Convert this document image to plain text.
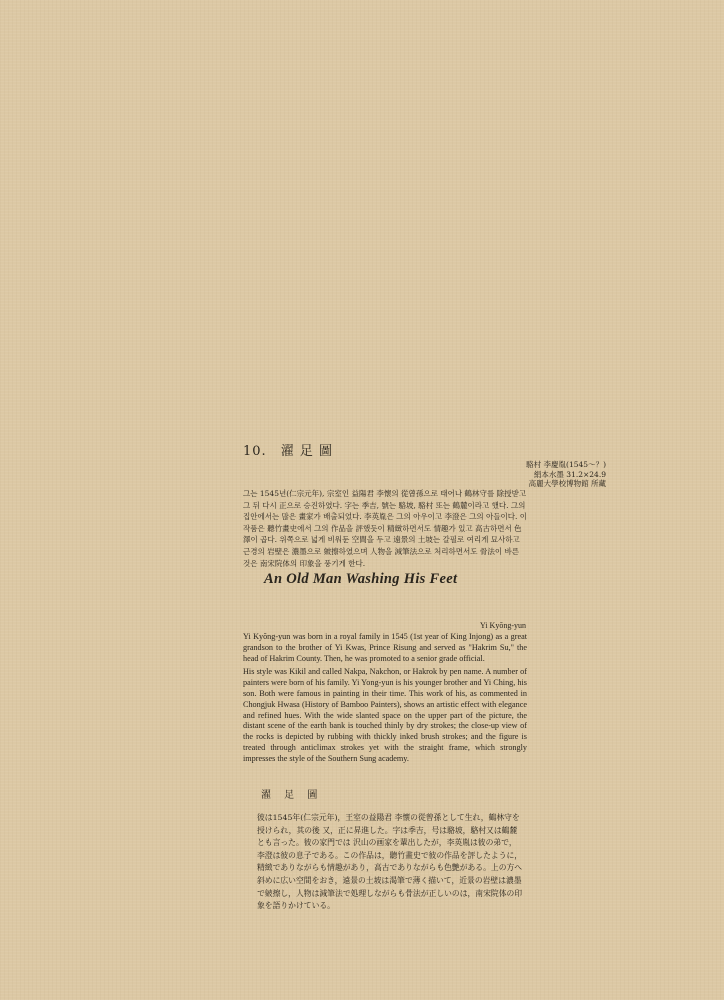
10. 濯 足 圖
駱村 李慶胤(1545〜？)
絹本水墨 31.2×24.9
高麗大學校博物館 所藏

그는 1545년(仁宗元年), 宗室인 益陽君 李懷의 從曾孫으로 태어나 鶴林守를 除授받고 그 뒤 다시 正으로 승진하였다. 字는 季吉, 號는 駱坡, 駱村 또는 鶴麓이라고 했다. 그의 집안에서는 많은 畫家가 배출되었다. 李英胤은 그의 아우이고 李澄은 그의 아들이다. 이 작품은 聽竹畫史에서 그의 作品을 評했듯이 精緻하면서도 情趣가 있고 高古하면서 色澤이 곱다. 위쪽으로 넓게 비워둔 空間을 두고 遠景의 土坡는 갈필로 여리게 묘사하고 근경의 岩壁은 濃墨으로 皴擦하였으며 人物을 減筆法으로 처리하면서도 骨法이 바른 것은 南宋院体의 印象을 풍기게 한다.

An Old Man Washing His Feet
Yi Kyŏng-yun

Yi Kyŏng-yun was born in a royal family in 1545 (1st year of King Injong) as a great grandson to the brother of Yi Kwas, Prince Risung and served as "Hakrim Su," the head of Hakrim County. Then, he was promoted to a senior grade official.

His style was Kikil and called Nakpa, Nakchon, or Hakrok by pen name. A number of painters were born of his family. Yi Yong-yun is his younger brother and Yi Ching, his son. Both were famous in painting in their time. This work of his, as commented in Chongjuk Hwasa (History of Bamboo Painters), shows an artistic effect with elegance and refined hues. With the wide slanted space on the upper part of the picture, the distant scene of the earth bank is touched thinly by dry strokes; the close-up view of the rocks is depicted by rubbing with thickly inked brush strokes; and the figure is treated through anticlimax strokes yet with the straight frame, which strongly impresses the style of the Southern Sung academy.

濯 足 圖

彼は1545年(仁宗元年)，王室の益陽君 李懷の從曾孫として生れ，鶴林守を授けられ，其の後 又，正に昇進した。字は季吉，号は駱坡，駱村又は鶴麓とも言った。彼の家門では 沢山の画家を輩出したが，李英胤は彼の弟で，李澄は彼の息子である。この作品は，聽竹畫史で彼の作品を評したように，精緻でありながらも情趣があり，高古でありながらも色艶がある。上の方へ 斜めに広い空間をおき，遠景の土坡は渴筆で薄く描いて，近景の岩壁は濃墨で皴擦し，人物は減筆法で処理しながらも骨法が正しいのは，南宋院体の印象を語りかけている。
